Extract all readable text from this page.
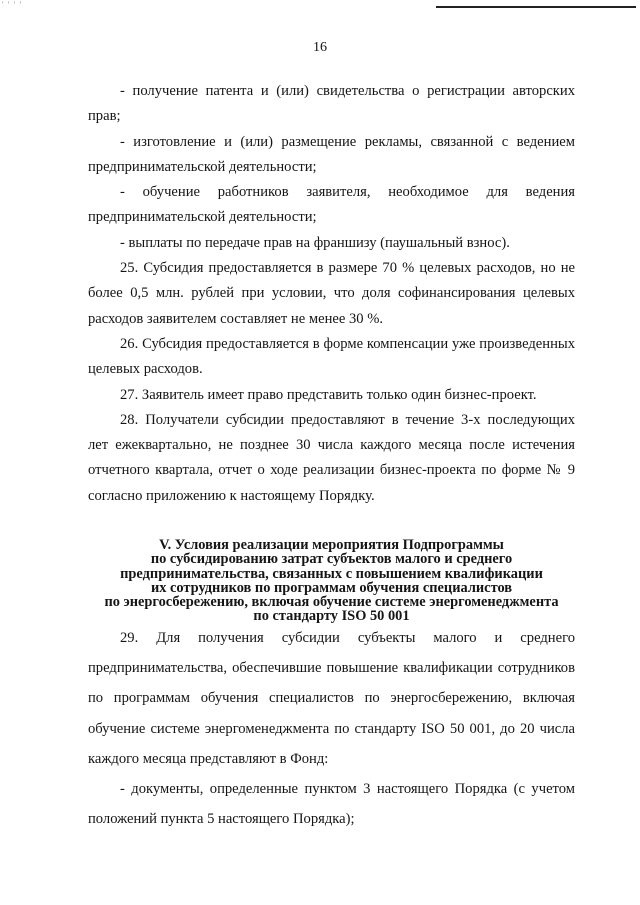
' ' ' '
16

- получение патента и (или) свидетельства о регистрации авторских прав;

- изготовление и (или) размещение рекламы, связанной с ведением предпринимательской деятельности;

- обучение работников заявителя, необходимое для ведения предпринимательской деятельности;

- выплаты по передаче прав на франшизу (паушальный взнос).

25. Субсидия предоставляется в размере 70 % целевых расходов, но не более 0,5 млн. рублей при условии, что доля софинансирования целевых расходов заявителем составляет не менее 30 %.

26. Субсидия предоставляется в форме компенсации уже произведенных целевых расходов.

27. Заявитель имеет право представить только один бизнес-проект.

28. Получатели субсидии предоставляют в течение 3-х последующих лет ежеквартально, не позднее 30 числа каждого месяца после истечения отчетного квартала, отчет о ходе реализации бизнес-проекта по форме № 9 согласно приложению к настоящему Порядку.

V. Условия реализации мероприятия Подпрограммы
по субсидированию затрат субъектов малого и среднего
предпринимательства, связанных с повышением квалификации
их сотрудников по программам обучения специалистов
по энергосбережению, включая обучение системе энергоменеджмента
по стандарту ISO 50 001

29. Для получения субсидии субъекты малого и среднего предпринимательства, обеспечившие повышение квалификации сотрудников по программам обучения специалистов по энергосбережению, включая обучение системе энергоменеджмента по стандарту ISO 50 001, до 20 числа каждого месяца представляют в Фонд:

- документы, определенные пунктом 3 настоящего Порядка (с учетом положений пункта 5 настоящего Порядка);
